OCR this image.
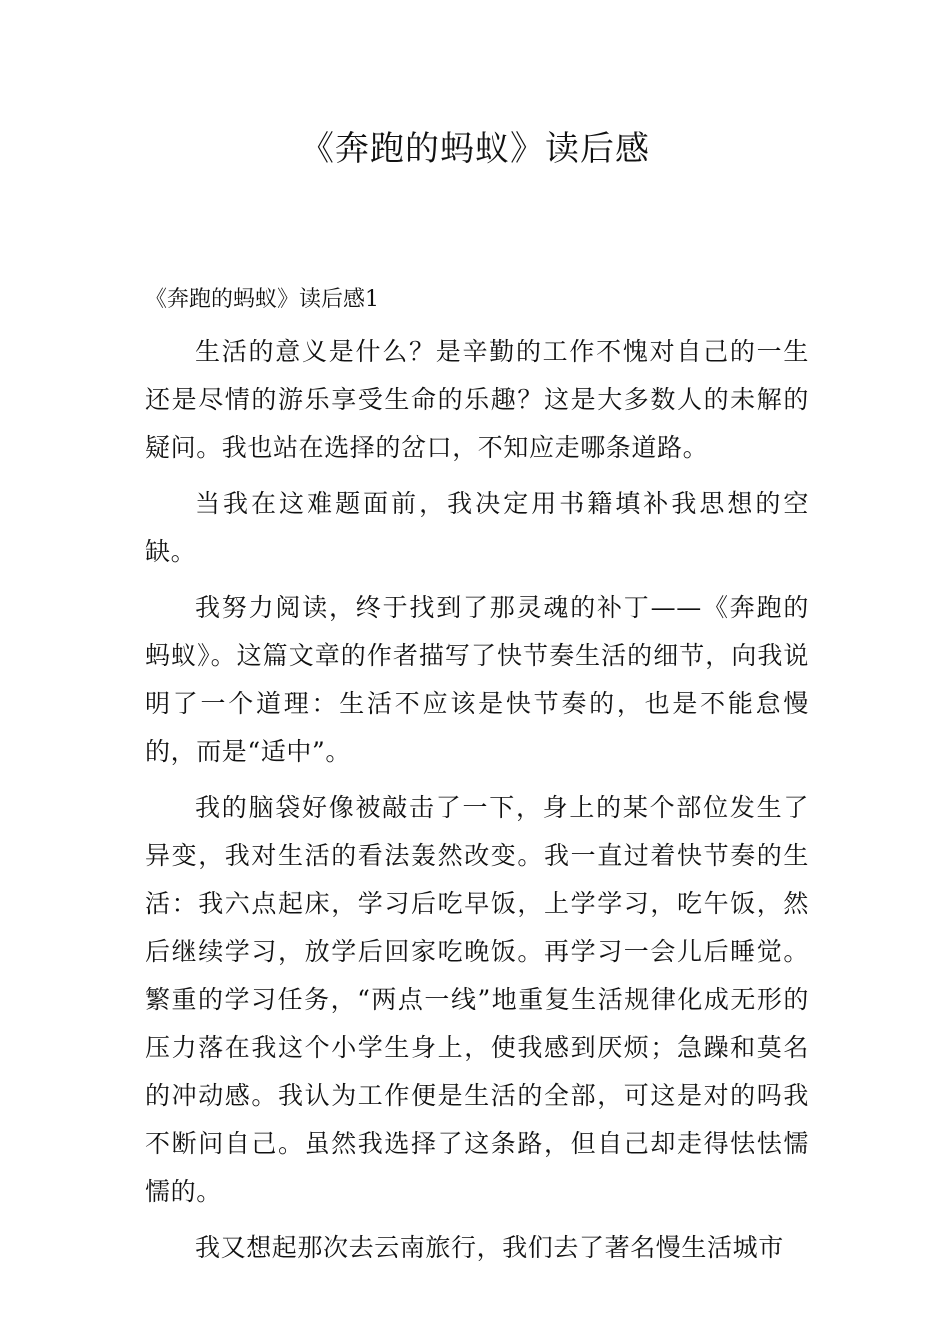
《奔跑的蚂蚁》读后感

《奔跑的蚂蚁》读后感1

生活的意义是什么？是辛勤的工作不愧对自己的一生还是尽情的游乐享受生命的乐趣？这是大多数人的未解的疑问。我也站在选择的岔口，不知应走哪条道路。

当我在这难题面前，我决定用书籍填补我思想的空缺。

我努力阅读，终于找到了那灵魂的补丁——《奔跑的蚂蚁》。这篇文章的作者描写了快节奏生活的细节，向我说明了一个道理：生活不应该是快节奏的，也是不能怠慢的，而是“适中”。

我的脑袋好像被敲击了一下，身上的某个部位发生了异变，我对生活的看法轰然改变。我一直过着快节奏的生活：我六点起床，学习后吃早饭，上学学习，吃午饭，然后继续学习，放学后回家吃晚饭。再学习一会儿后睡觉。繁重的学习任务，“两点一线”地重复生活规律化成无形的压力落在我这个小学生身上，使我感到厌烦；急躁和莫名的冲动感。我认为工作便是生活的全部，可这是对的吗我不断问自己。虽然我选择了这条路，但自己却走得怯怯懦懦的。

我又想起那次去云南旅行，我们去了著名慢生活城市
